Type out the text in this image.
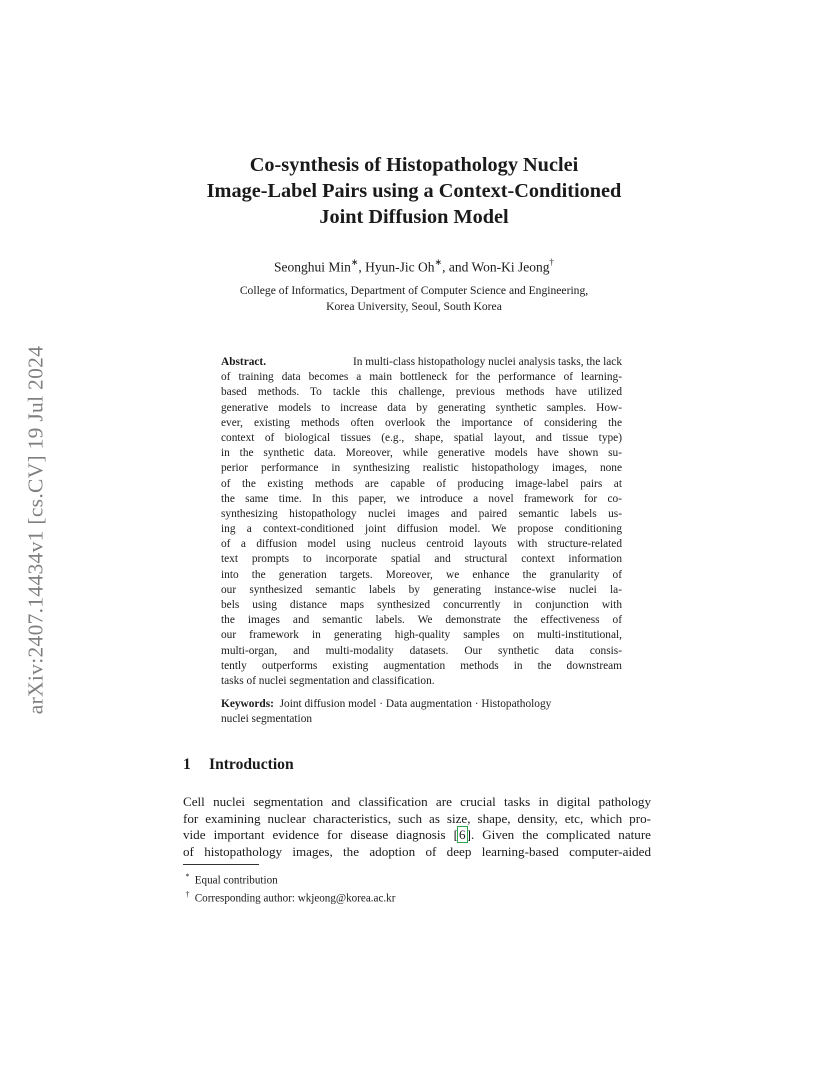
arXiv:2407.14434v1 [cs.CV] 19 Jul 2024
Co-synthesis of Histopathology Nuclei
Image-Label Pairs using a Context-Conditioned
Joint Diffusion Model
Seonghui Min∗, Hyun-Jic Oh∗, and Won-Ki Jeong†
College of Informatics, Department of Computer Science and Engineering,
Korea University, Seoul, South Korea
Abstract.	In multi-class histopathology nuclei analysis tasks, the lack
of training data becomes a main bottleneck for the performance of learning-
based methods. To tackle this challenge, previous methods have utilized
generative models to increase data by generating synthetic samples. How-
ever, existing methods often overlook the importance of considering the
context of biological tissues (e.g., shape, spatial layout, and tissue type)
in the synthetic data. Moreover, while generative models have shown su-
perior performance in synthesizing realistic histopathology images, none
of the existing methods are capable of producing image-label pairs at
the same time. In this paper, we introduce a novel framework for co-
synthesizing histopathology nuclei images and paired semantic labels us-
ing a context-conditioned joint diffusion model. We propose conditioning
of a diffusion model using nucleus centroid layouts with structure-related
text prompts to incorporate spatial and structural context information
into the generation targets. Moreover, we enhance the granularity of
our synthesized semantic labels by generating instance-wise nuclei la-
bels using distance maps synthesized concurrently in conjunction with
the images and semantic labels. We demonstrate the effectiveness of
our framework in generating high-quality samples on multi-institutional,
multi-organ, and multi-modality datasets. Our synthetic data consis-
tently outperforms existing augmentation methods in the downstream
tasks of nuclei segmentation and classification.
Keywords: Joint diffusion model · Data augmentation · Histopathology
nuclei segmentation
1 Introduction
Cell nuclei segmentation and classification are crucial tasks in digital pathology
for examining nuclear characteristics, such as size, shape, density, etc, which pro-
vide important evidence for disease diagnosis [6]. Given the complicated nature
of histopathology images, the adoption of deep learning-based computer-aided
* Equal contribution
† Corresponding author: wkjeong@korea.ac.kr
